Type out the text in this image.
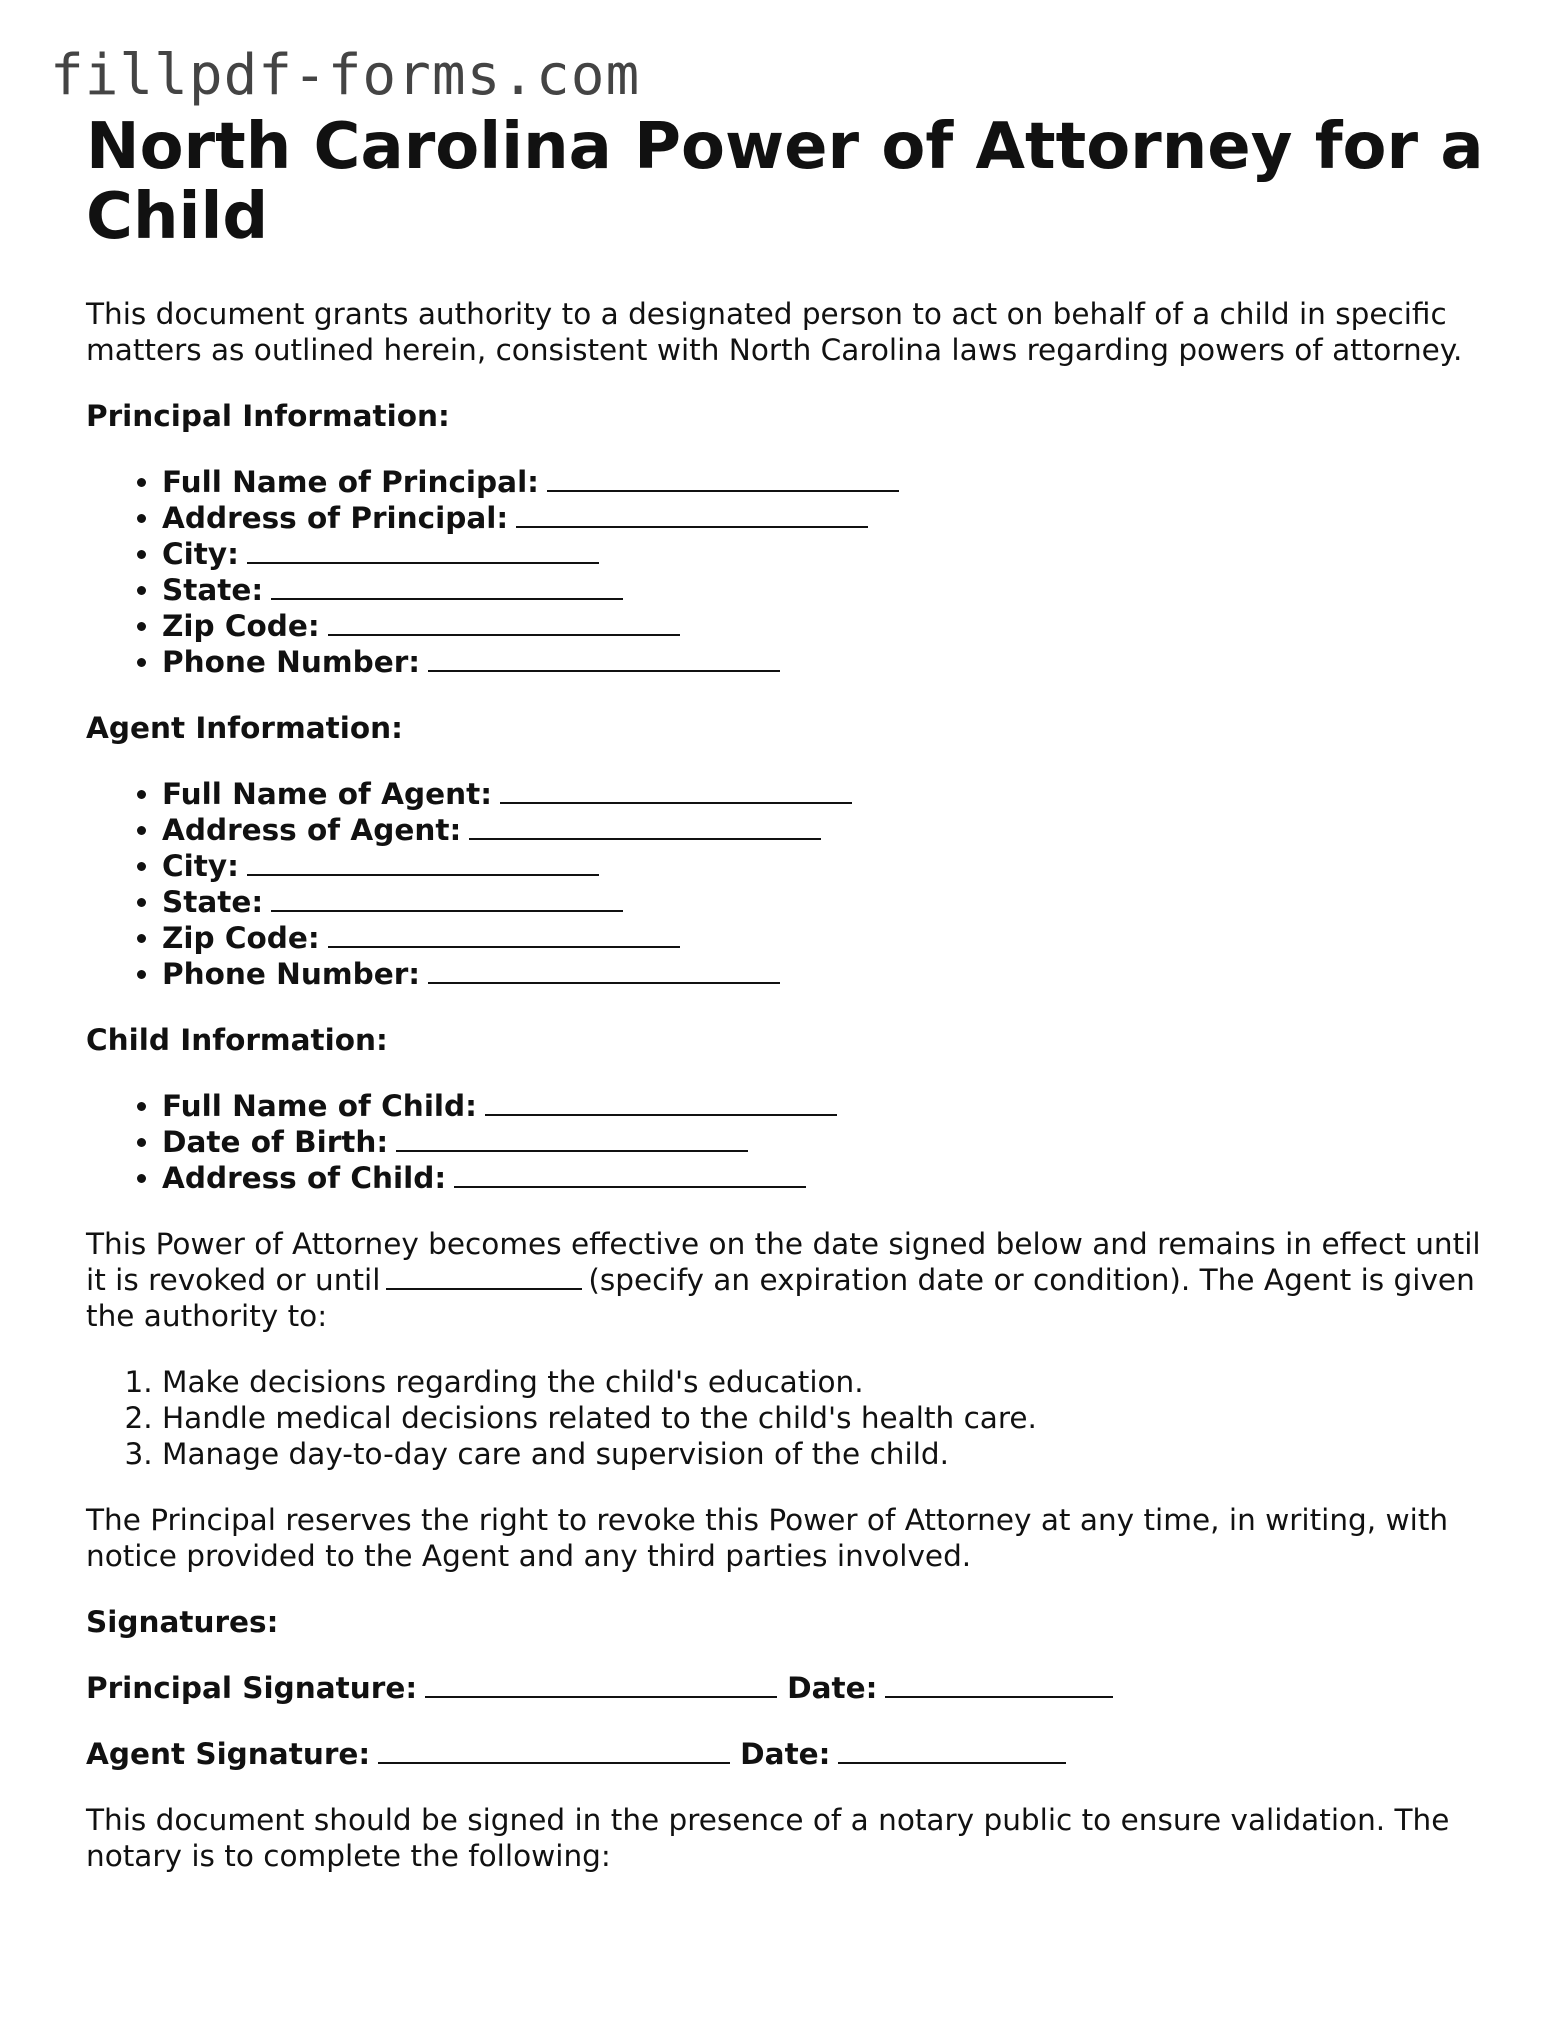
fillpdf-forms.com
North Carolina Power of Attorney for a Child

This document grants authority to a designated person to act on behalf of a child in specific matters as outlined herein, consistent with North Carolina laws regarding powers of attorney.

Principal Information:

• Full Name of Principal:
• Address of Principal:
• City:
• State:
• Zip Code:
• Phone Number:

Agent Information:

• Full Name of Agent:
• Address of Agent:
• City:
• State:
• Zip Code:
• Phone Number:

Child Information:

• Full Name of Child:
• Date of Birth:
• Address of Child:

This Power of Attorney becomes effective on the date signed below and remains in effect until it is revoked or until	(specify an expiration date or condition). The Agent is given the authority to:

1. Make decisions regarding the child's education.
2. Handle medical decisions related to the child's health care.
3. Manage day-to-day care and supervision of the child.

The Principal reserves the right to revoke this Power of Attorney at any time, in writing, with notice provided to the Agent and any third parties involved.

Signatures:

Principal Signature:	Date:

Agent Signature:	Date:

This document should be signed in the presence of a notary public to ensure validation. The notary is to complete the following:
